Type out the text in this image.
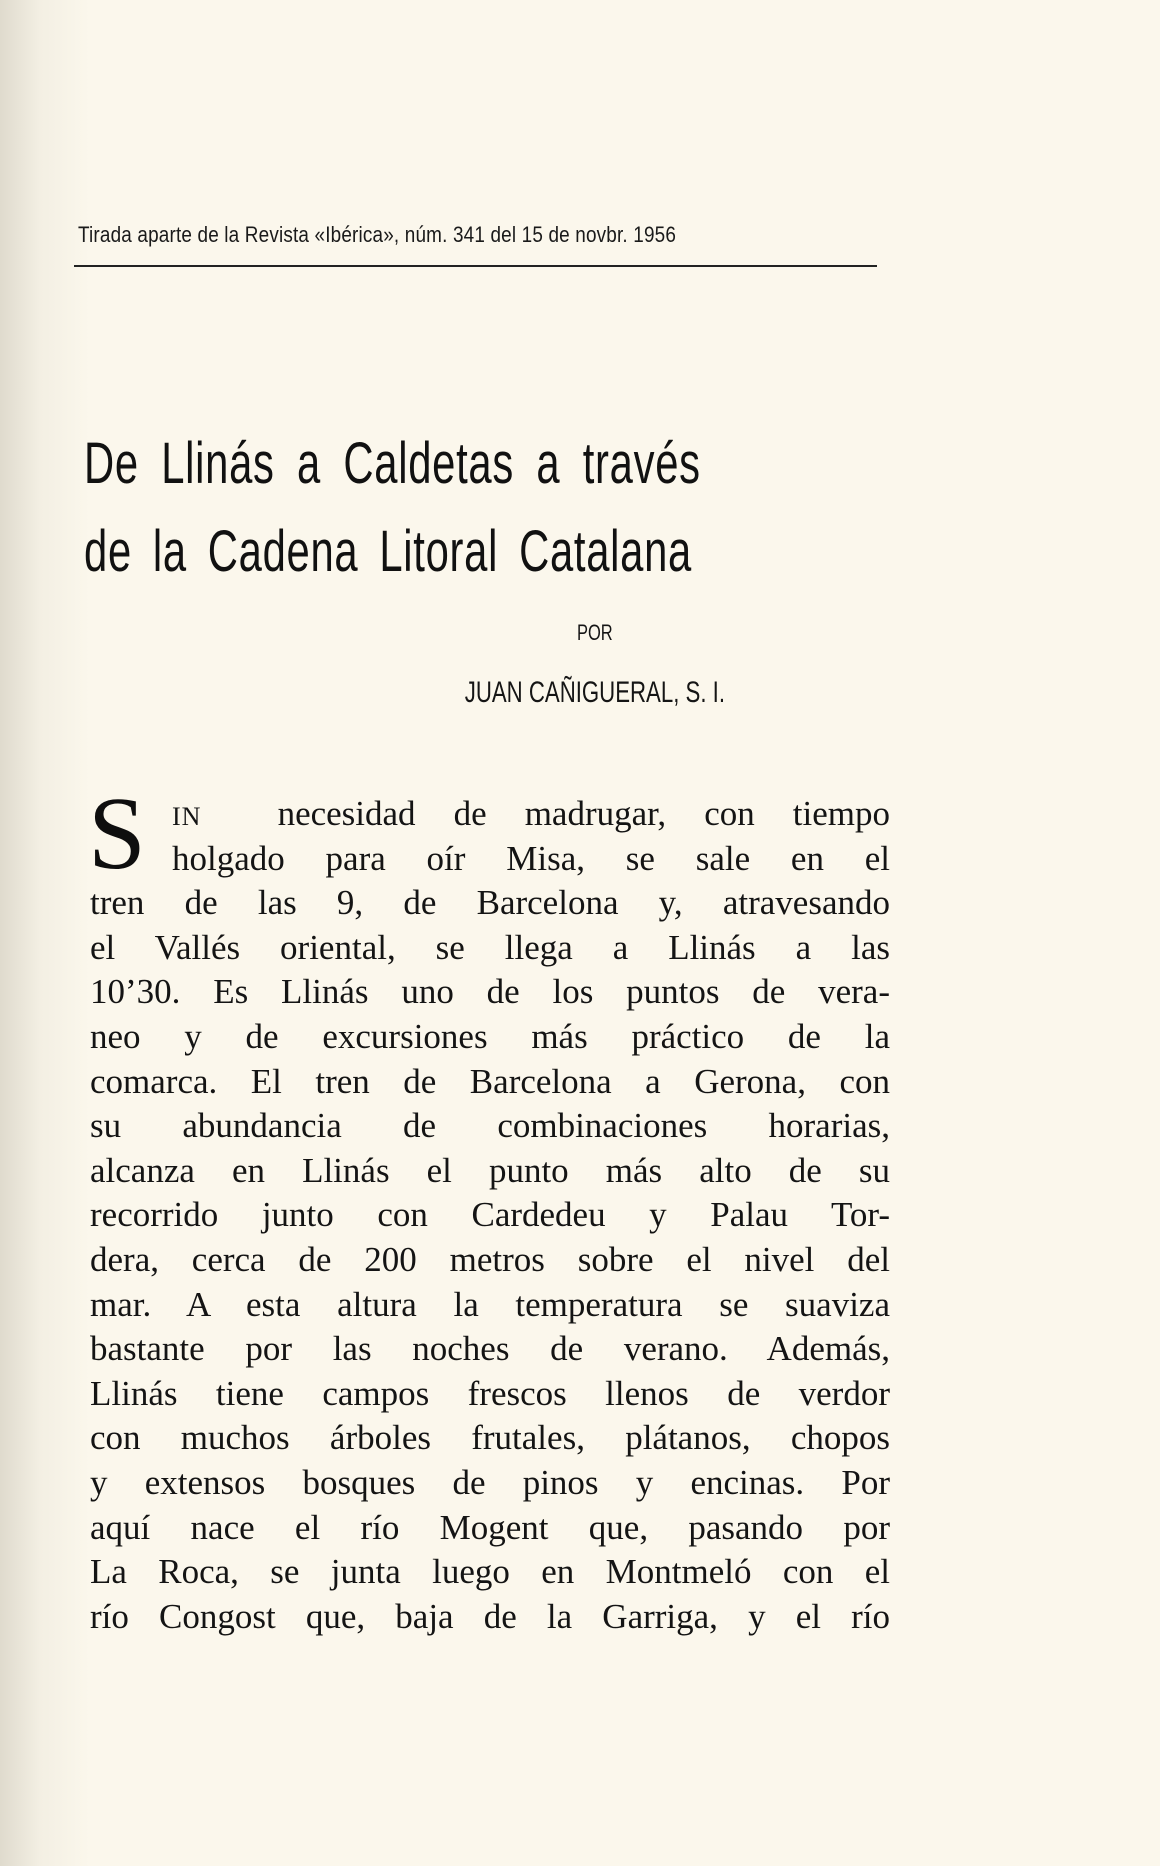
Tirada aparte de la Revista «Ibérica», núm. 341 del 15 de novbr. 1956
De Llinás a Caldetas a través
de la Cadena Litoral Catalana
POR
JUAN CAÑIGUERAL, S. I.
S	IN necesidad de madrugar, con tiempo
holgado para oír Misa, se sale en el
tren de las 9, de Barcelona y, atravesando
el Vallés oriental, se llega a Llinás a las
10’30. Es Llinás uno de los puntos de vera-
neo y de excursiones más práctico de la
comarca. El tren de Barcelona a Gerona, con
su abundancia de combinaciones horarias,
alcanza en Llinás el punto más alto de su
recorrido junto con Cardedeu y Palau Tor-
dera, cerca de 200 metros sobre el nivel del
mar. A esta altura la temperatura se suaviza
bastante por las noches de verano. Además,
Llinás tiene campos frescos llenos de verdor
con muchos árboles frutales, plátanos, chopos
y extensos bosques de pinos y encinas. Por
aquí nace el río Mogent que, pasando por
La Roca, se junta luego en Montmeló con el
río Congost que, baja de la Garriga, y el río
